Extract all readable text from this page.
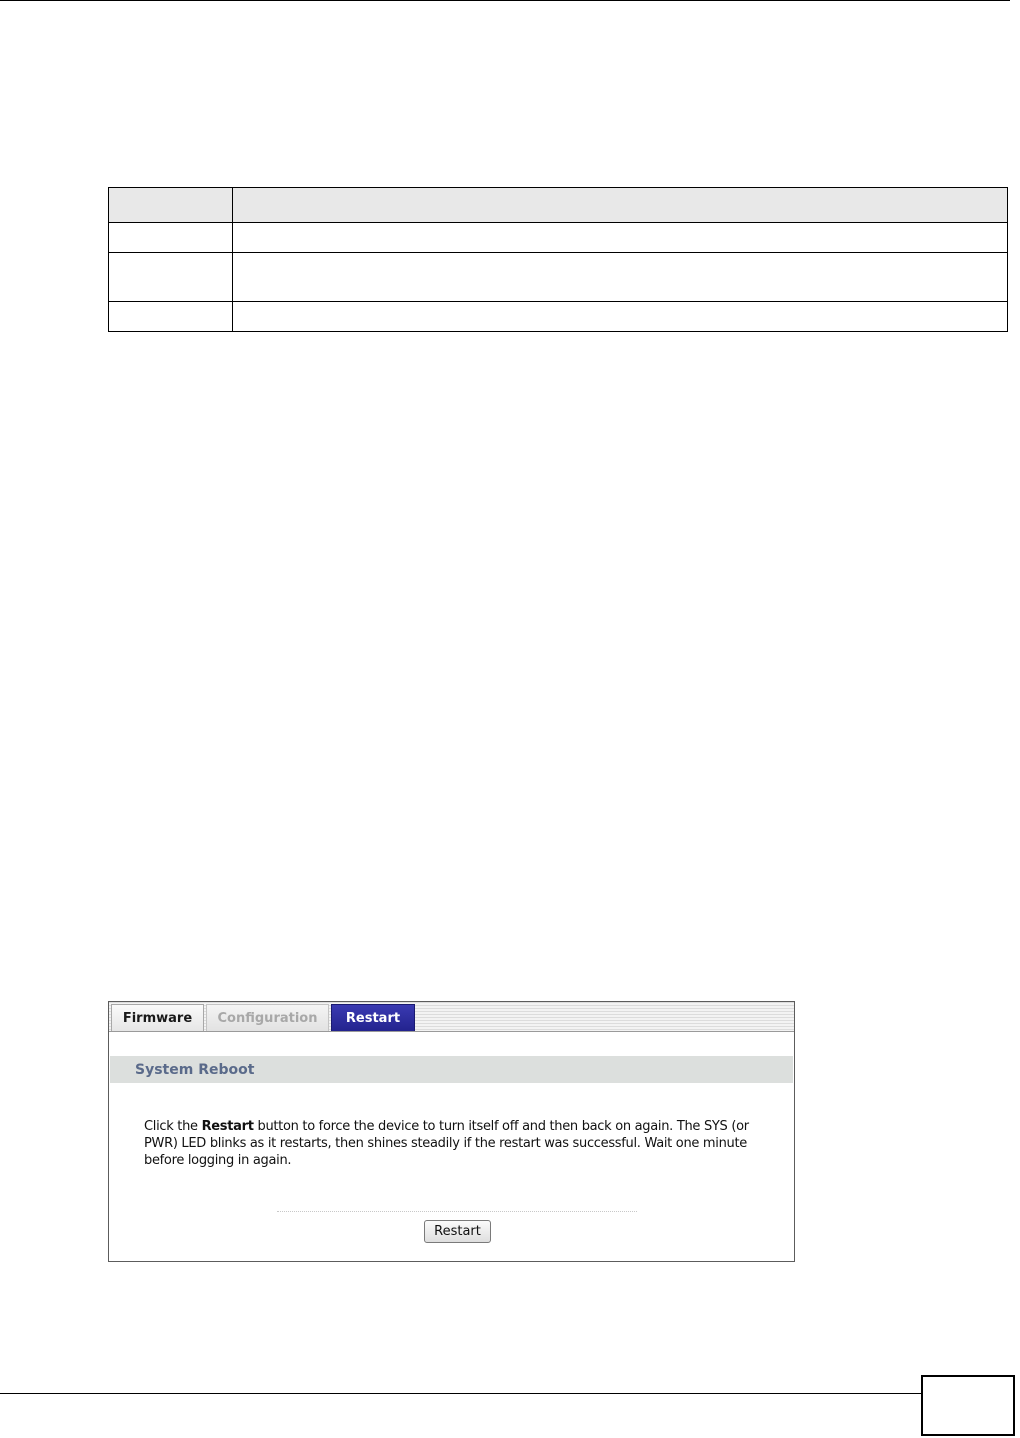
Firmware	Configuration	Restart
System Reboot
Click the Restart button to force the device to turn itself off and then back on again. The SYS (or PWR) LED blinks as it restarts, then shines steadily if the restart was successful. Wait one minute before logging in again.
Restart
